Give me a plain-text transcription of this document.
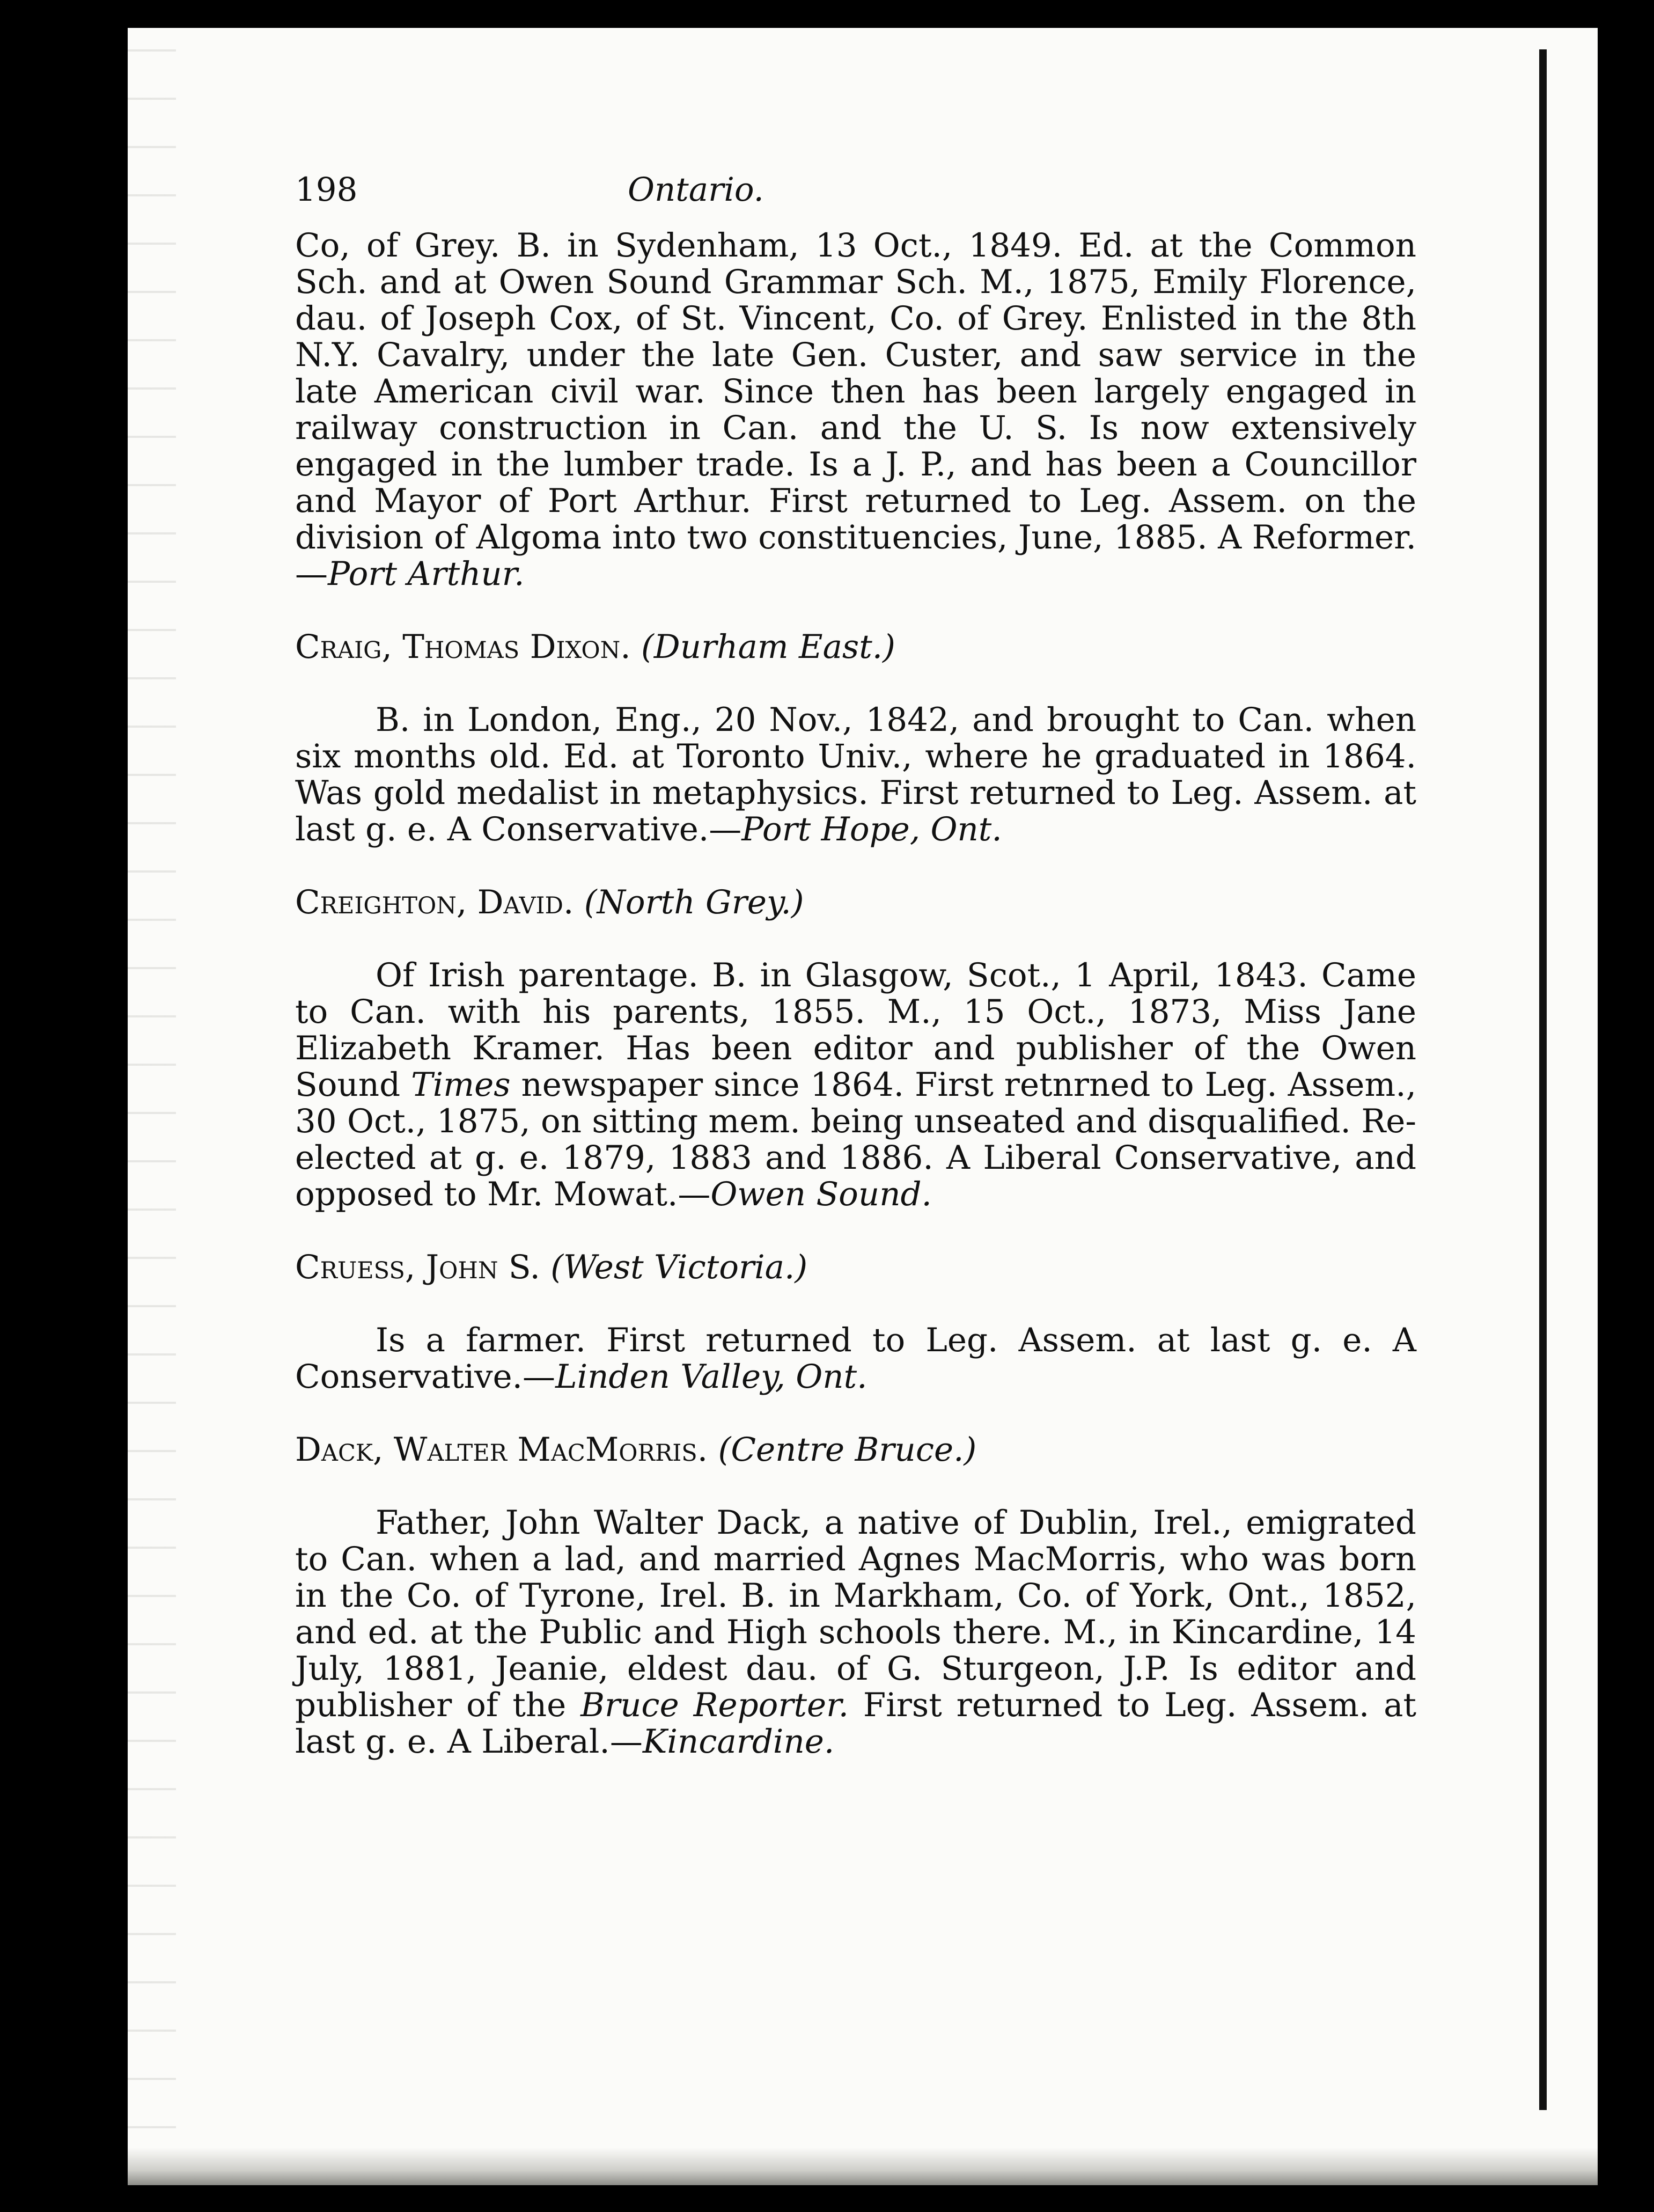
198	Ontario.

Co, of Grey. B. in Sydenham, 13 Oct., 1849. Ed. at the Common Sch. and at Owen Sound Grammar Sch. M., 1875, Emily Florence, dau. of Joseph Cox, of St. Vincent, Co. of Grey. Enlisted in the 8th N.Y. Cavalry, under the late Gen. Custer, and saw service in the late American civil war. Since then has been largely engaged in railway construction in Can. and the U. S. Is now extensively engaged in the lumber trade. Is a J. P., and has been a Councillor and Mayor of Port Arthur. First returned to Leg. Assem. on the division of Algoma into two constituencies, June, 1885. A Reformer.—Port Arthur.

Craig, Thomas Dixon. (Durham East.)

B. in London, Eng., 20 Nov., 1842, and brought to Can. when six months old. Ed. at Toronto Univ., where he graduated in 1864. Was gold medalist in metaphysics. First returned to Leg. Assem. at last g. e. A Conservative.—Port Hope, Ont.

Creighton, David. (North Grey.)

Of Irish parentage. B. in Glasgow, Scot., 1 April, 1843. Came to Can. with his parents, 1855. M., 15 Oct., 1873, Miss Jane Elizabeth Kramer. Has been editor and publisher of the Owen Sound Times newspaper since 1864. First retnrned to Leg. Assem., 30 Oct., 1875, on sitting mem. being unseated and disqualified. Re-elected at g. e. 1879, 1883 and 1886. A Liberal Conservative, and opposed to Mr. Mowat.—Owen Sound.

Cruess, John S. (West Victoria.)

Is a farmer. First returned to Leg. Assem. at last g. e. A Conservative.—Linden Valley, Ont.

Dack, Walter MacMorris. (Centre Bruce.)

Father, John Walter Dack, a native of Dublin, Irel., emigrated to Can. when a lad, and married Agnes MacMorris, who was born in the Co. of Tyrone, Irel. B. in Markham, Co. of York, Ont., 1852, and ed. at the Public and High schools there. M., in Kincardine, 14 July, 1881, Jeanie, eldest dau. of G. Sturgeon, J.P. Is editor and publisher of the Bruce Reporter. First returned to Leg. Assem. at last g. e. A Liberal.—Kincardine.
